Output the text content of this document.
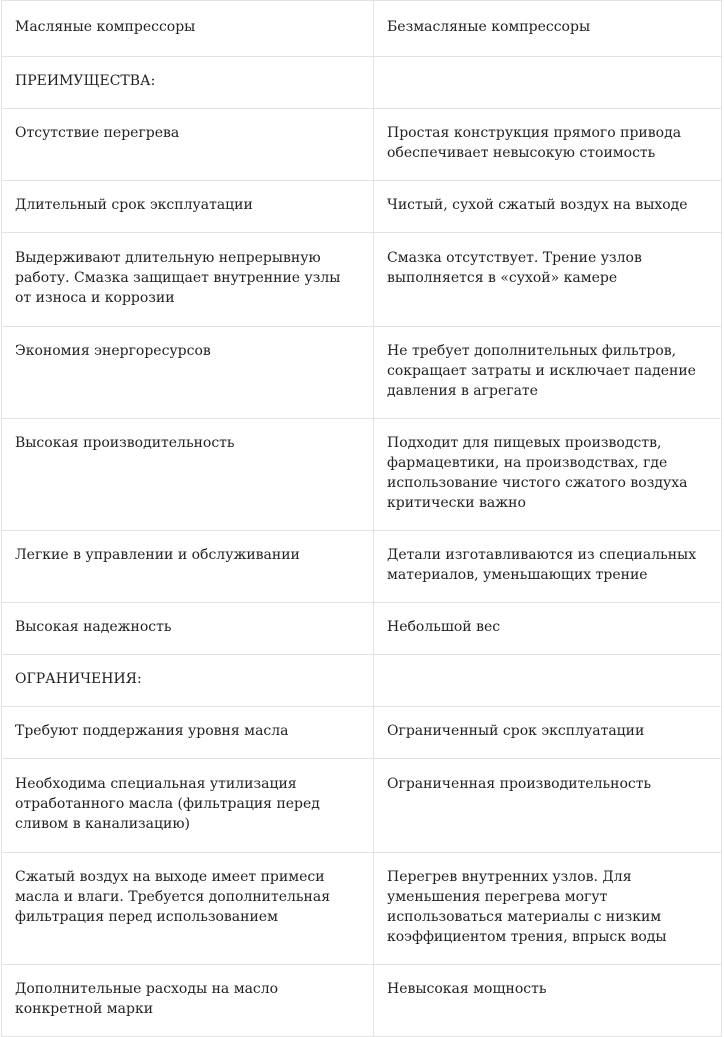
Масляные компрессоры	Безмасляные компрессоры

ПРЕИМУЩЕСТВА:	

Отсутствие перегрева	Простая конструкция прямого привода обеспечивает невысокую стоимость

Длительный срок эксплуатации	Чистый, сухой сжатый воздух на выходе

Выдерживают длительную непрерывную работу. Смазка защищает внутренние узлы от износа и коррозии	Смазка отсутствует. Трение узлов выполняется в «сухой» камере

Экономия энергоресурсов	Не требует дополнительных фильтров, сокращает затраты и исключает падение давления в агрегате

Высокая производительность	Подходит для пищевых производств, фармацевтики, на производствах, где использование чистого сжатого воздуха критически важно

Легкие в управлении и обслуживании	Детали изготавливаются из специальных материалов, уменьшающих трение

Высокая надежность	Небольшой вес

ОГРАНИЧЕНИЯ:	

Требуют поддержания уровня масла	Ограниченный срок эксплуатации

Необходима специальная утилизация отработанного масла (фильтрация перед сливом в канализацию)	Ограниченная производительность

Сжатый воздух на выходе имеет примеси масла и влаги. Требуется дополнительная фильтрация перед использованием	Перегрев внутренних узлов. Для уменьшения перегрева могут использоваться материалы с низким коэффициентом трения, впрыск воды

Дополнительные расходы на масло конкретной марки	Невысокая мощность
